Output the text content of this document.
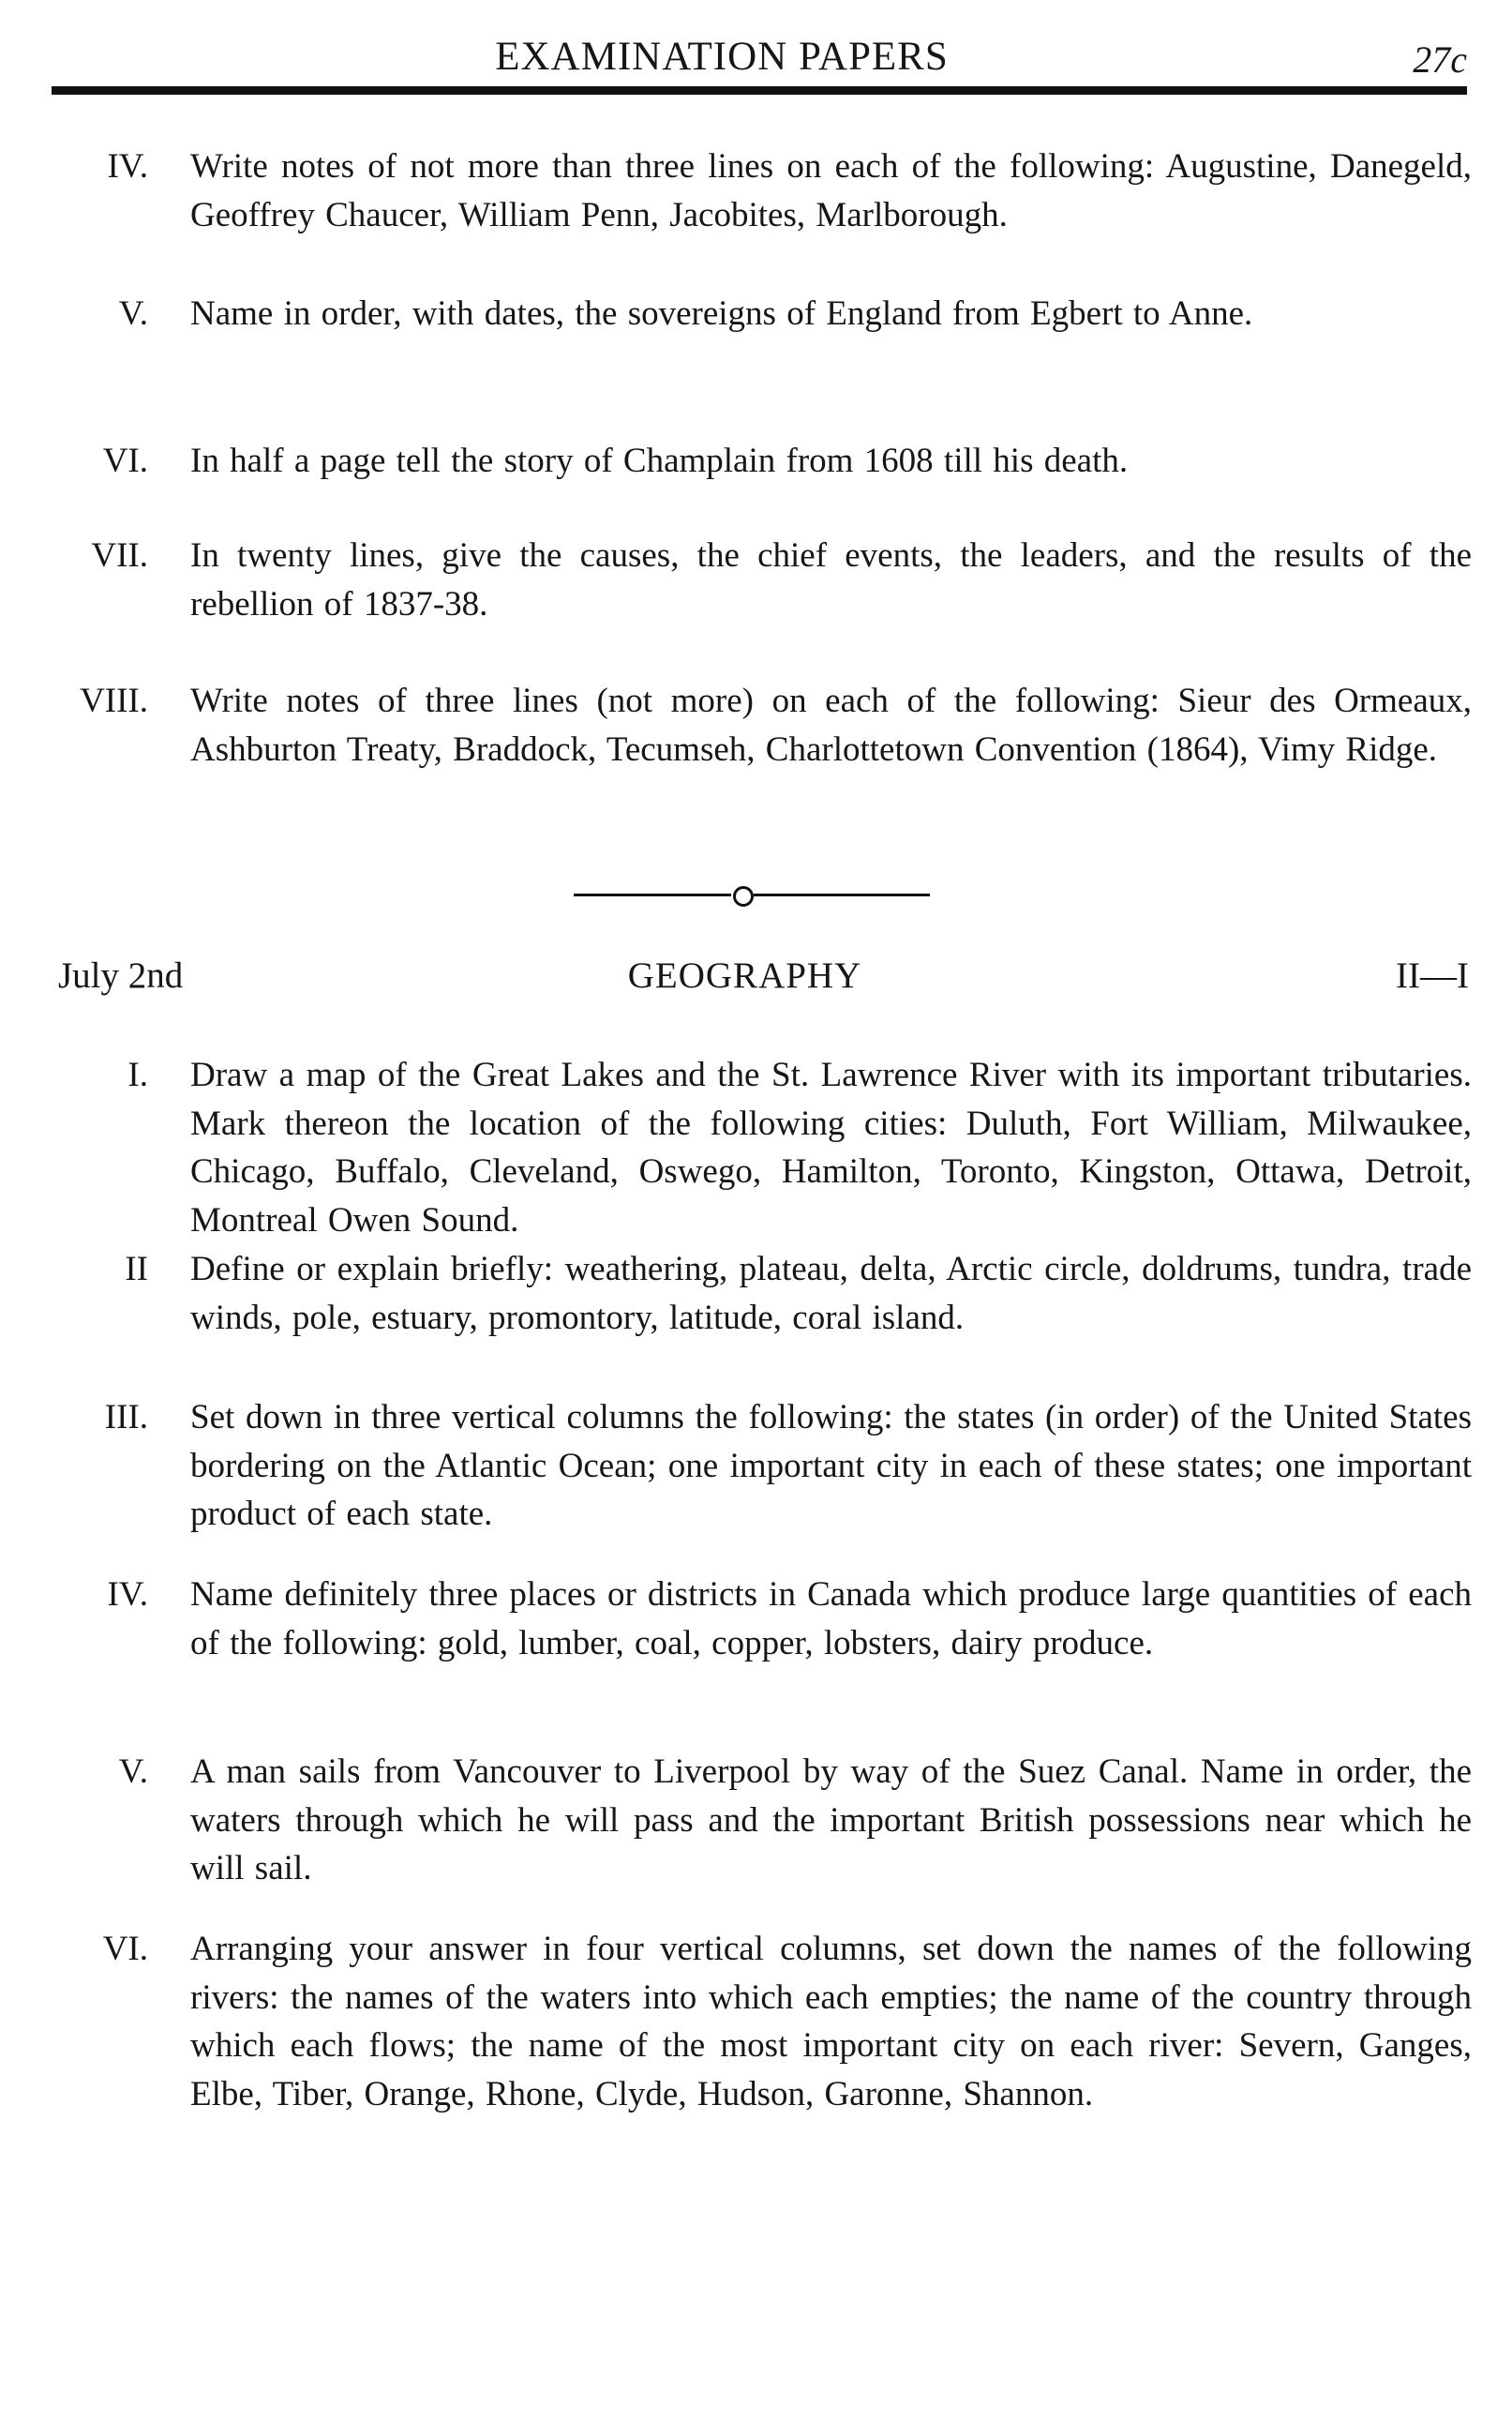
EXAMINATION PAPERS	27c
IV. Write notes of not more than three lines on each of the following: Augustine, Danegeld, Geoffrey Chaucer, William Penn, Jacobites, Marlborough.
V. Name in order, with dates, the sovereigns of England from Egbert to Anne.
VI. In half a page tell the story of Champlain from 1608 till his death.
VII. In twenty lines, give the causes, the chief events, the leaders, and the results of the rebellion of 1837-38.
VIII. Write notes of three lines (not more) on each of the following: Sieur des Ormeaux, Ashburton Treaty, Braddock, Tecumseh, Charlottetown Convention (1864), Vimy Ridge.
July 2nd	GEOGRAPHY	II—I
I. Draw a map of the Great Lakes and the St. Lawrence River with its important tributaries. Mark thereon the location of the following cities: Duluth, Fort William, Milwaukee, Chicago, Buffalo, Cleveland, Oswego, Hamilton, Toronto, Kingston, Ottawa, Detroit, Montreal Owen Sound.
II Define or explain briefly: weathering, plateau, delta, Arctic circle, doldrums, tundra, trade winds, pole, estuary, promontory, latitude, coral island.
III. Set down in three vertical columns the following: the states (in order) of the United States bordering on the Atlantic Ocean; one important city in each of these states; one important product of each state.
IV. Name definitely three places or districts in Canada which produce large quantities of each of the following: gold, lumber, coal, copper, lobsters, dairy produce.
V. A man sails from Vancouver to Liverpool by way of the Suez Canal. Name in order, the waters through which he will pass and the important British possessions near which he will sail.
VI. Arranging your answer in four vertical columns, set down the names of the following rivers: the names of the waters into which each empties; the name of the country through which each flows; the name of the most important city on each river: Severn, Ganges, Elbe, Tiber, Orange, Rhone, Clyde, Hudson, Garonne, Shannon.
